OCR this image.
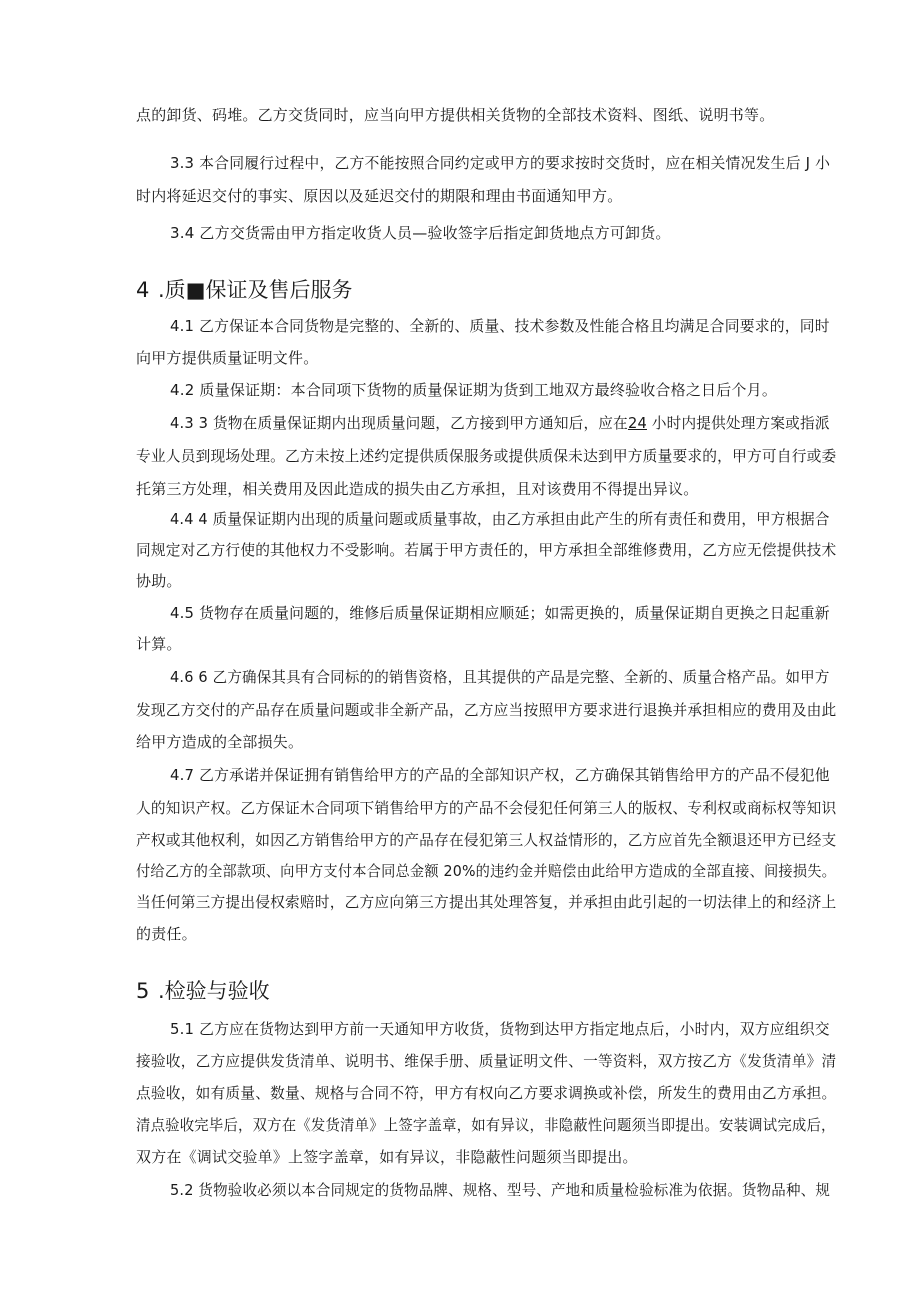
点的卸货、码堆。乙方交货同时，应当向甲方提供相关货物的全部技术资料、图纸、说明书等。
3.3 本合同履行过程中，乙方不能按照合同约定或甲方的要求按时交货时，应在相关情况发生后 J 小
时内将延迟交付的事实、原因以及延迟交付的期限和理由书面通知甲方。
3.4 乙方交货需由甲方指定收货人员—验收签字后指定卸货地点方可卸货。
4 .质■保证及售后服务
4.1 乙方保证本合同货物是完整的、全新的、质量、技术参数及性能合格且均满足合同要求的，同时
向甲方提供质量证明文件。
4.2 质量保证期：本合同项下货物的质量保证期为货到工地双方最终验收合格之日后个月。
4.3 3 货物在质量保证期内出现质量问题，乙方接到甲方通知后，应在24 小时内提供处理方案或指派
专业人员到现场处理。乙方未按上述约定提供质保服务或提供质保未达到甲方质量要求的，甲方可自行或委
托第三方处理，相关费用及因此造成的损失由乙方承担，且对该费用不得提出异议。
4.4 4 质量保证期内出现的质量问题或质量事故，由乙方承担由此产生的所有责任和费用，甲方根据合
同规定对乙方行使的其他权力不受影响。若属于甲方责任的，甲方承担全部维修费用，乙方应无偿提供技术
协助。
4.5 货物存在质量问题的，维修后质量保证期相应顺延；如需更换的，质量保证期自更换之日起重新
计算。
4.6 6 乙方确保其具有合同标的的销售资格，且其提供的产品是完整、全新的、质量合格产品。如甲方
发现乙方交付的产品存在质量问题或非全新产品，乙方应当按照甲方要求进行退换并承担相应的费用及由此
给甲方造成的全部损失。
4.7 乙方承诺并保证拥有销售给甲方的产品的全部知识产权，乙方确保其销售给甲方的产品不侵犯他
人的知识产权。乙方保证木合同项下销售给甲方的产品不会侵犯任何第三人的版权、专利权或商标权等知识
产权或其他权利，如因乙方销售给甲方的产品存在侵犯第三人权益情形的，乙方应首先全额退还甲方已经支
付给乙方的全部款项、向甲方支付本合同总金额 20%的违约金并赔偿由此给甲方造成的全部直接、间接损失。
当任何第三方提出侵权索赔时，乙方应向第三方提出其处理答复，并承担由此引起的一切法律上的和经济上
的责任。
5 .检验与验收
5.1 乙方应在货物达到甲方前一天通知甲方收货，货物到达甲方指定地点后，小时内，双方应组织交
接验收，乙方应提供发货清单、说明书、维保手册、质量证明文件、一等资料，双方按乙方《发货清单》清
点验收，如有质量、数量、规格与合同不符，甲方有权向乙方要求调换或补偿，所发生的费用由乙方承担。
清点验收完毕后，双方在《发货清单》上签字盖章，如有异议，非隐蔽性问题须当即提出。安装调试完成后，
双方在《调试交验单》上签字盖章，如有异议，非隐蔽性问题须当即提出。
5.2 货物验收必须以本合同规定的货物品牌、规格、型号、产地和质量检验标准为依据。货物品种、规
